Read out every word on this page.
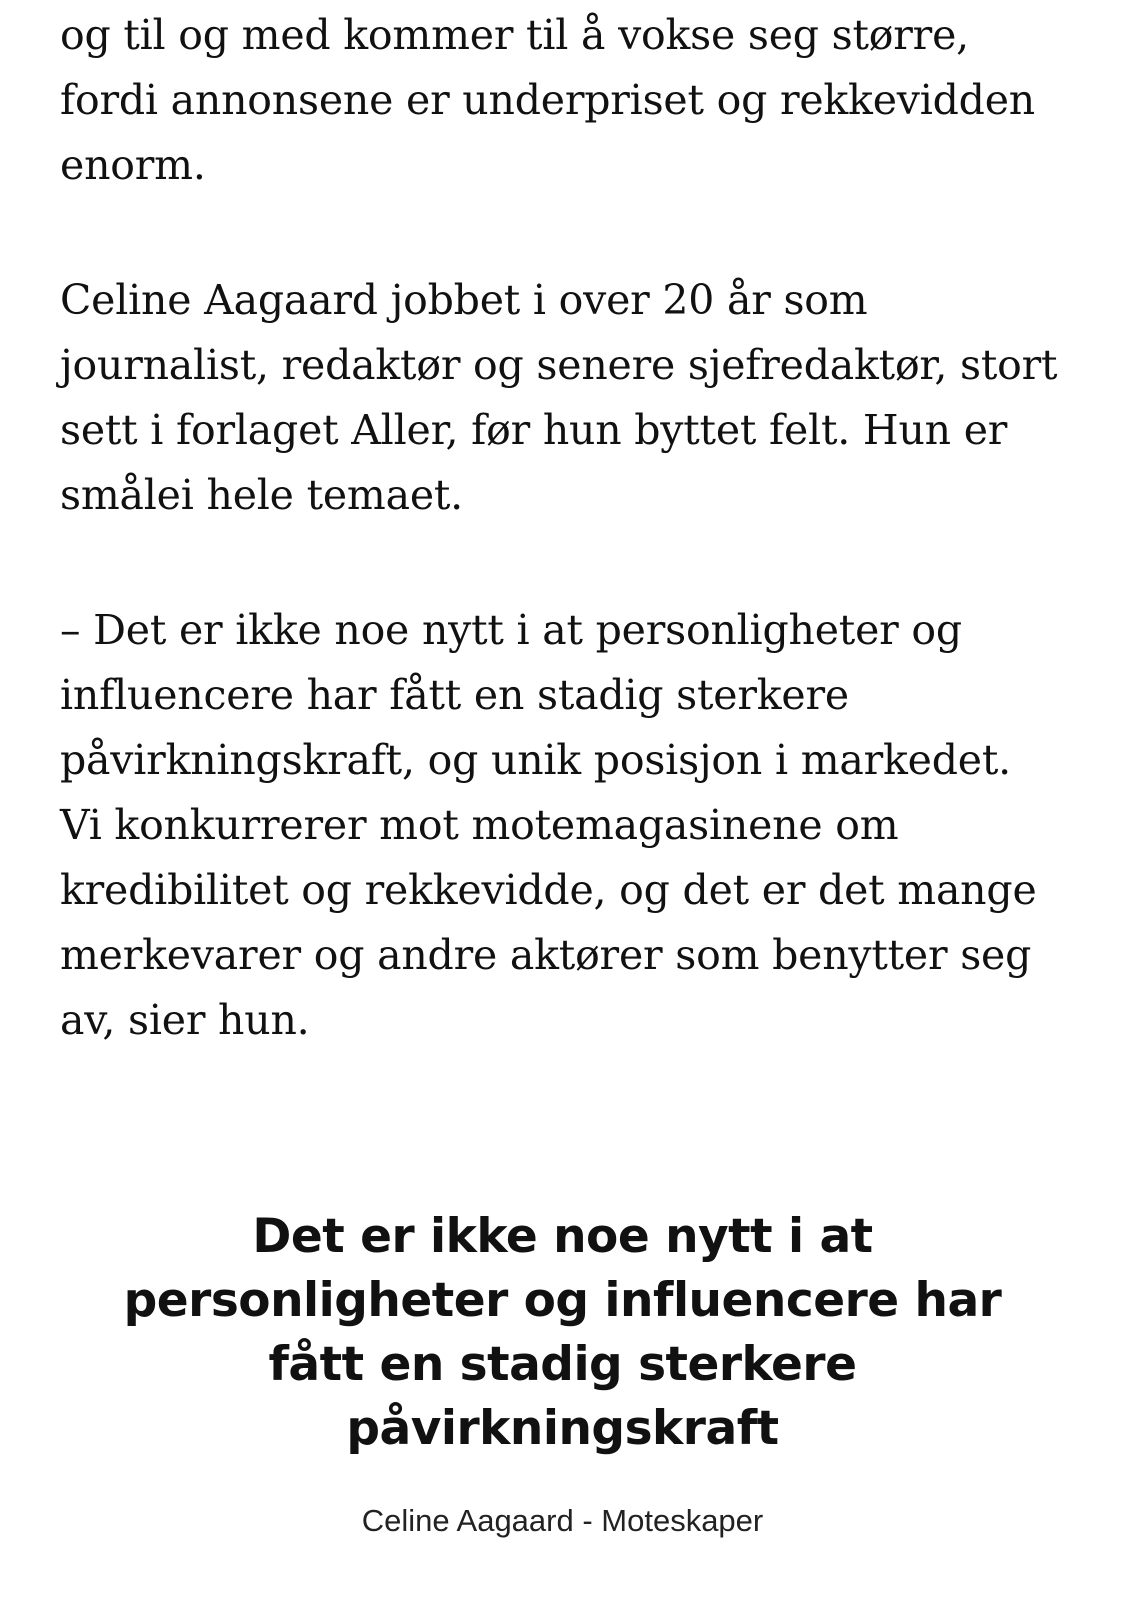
og til og med kommer til å vokse seg større, fordi annonsene er underpriset og rekkevidden enorm.

Celine Aagaard jobbet i over 20 år som journalist, redaktør og senere sjefredaktør, stort sett i forlaget Aller, før hun byttet felt. Hun er smålei hele temaet.

– Det er ikke noe nytt i at personligheter og influencere har fått en stadig sterkere påvirkningskraft, og unik posisjon i markedet. Vi konkurrerer mot motemagasinene om kredibilitet og rekkevidde, og det er det mange merkevarer og andre aktører som benytter seg av, sier hun.

Det er ikke noe nytt i at personligheter og influencere har fått en stadig sterkere påvirkningskraft

Celine Aagaard - Moteskaper
